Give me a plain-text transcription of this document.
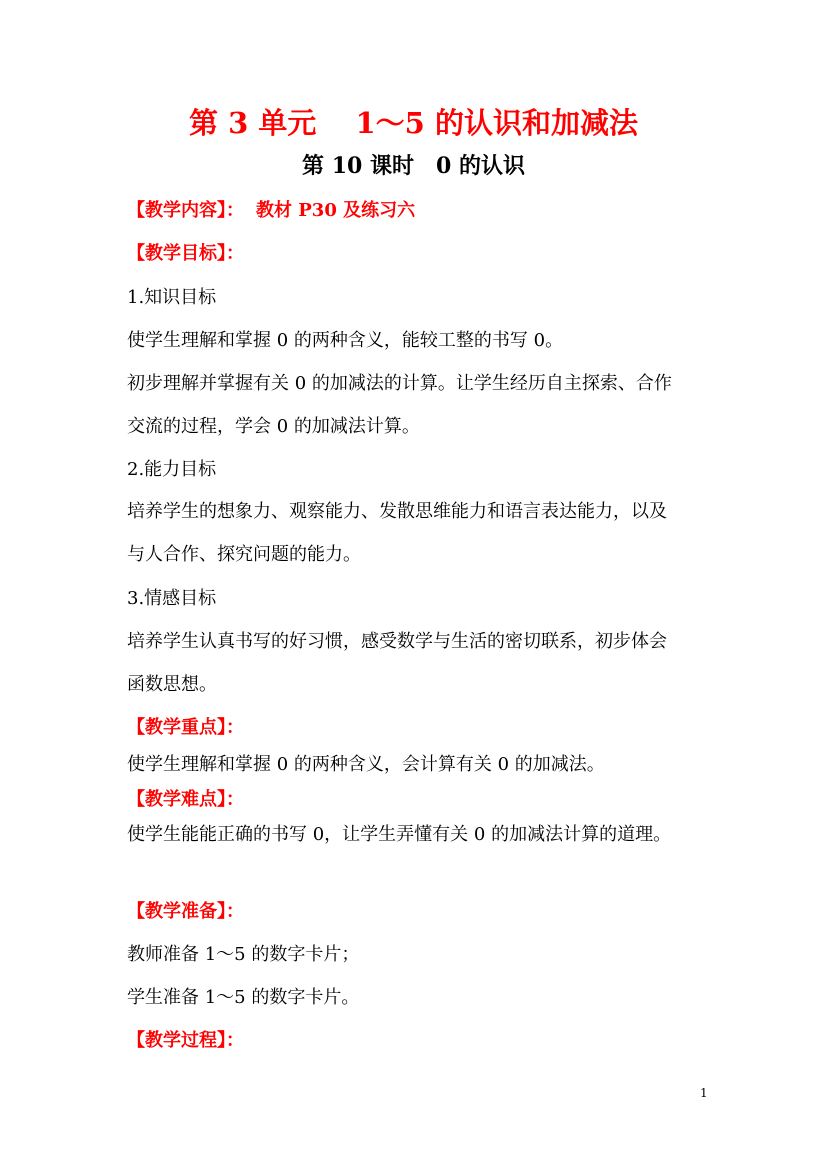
第 3 单元　 1～5 的认识和加减法
第 10 课时　0 的认识
【教学内容】： 教材 P30 及练习六
【教学目标】：
1.知识目标
使学生理解和掌握 0 的两种含义，能较工整的书写 0。
初步理解并掌握有关 0 的加减法的计算。让学生经历自主探索、合作
交流的过程，学会 0 的加减法计算。
2.能力目标
培养学生的想象力、观察能力、发散思维能力和语言表达能力，以及
与人合作、探究问题的能力。
3.情感目标
培养学生认真书写的好习惯，感受数学与生活的密切联系，初步体会
函数思想。
【教学重点】：
使学生理解和掌握 0 的两种含义，会计算有关 0 的加减法。
【教学难点】：
使学生能能正确的书写 0，让学生弄懂有关 0 的加减法计算的道理。
【教学准备】：
教师准备 1～5 的数字卡片；
学生准备 1～5 的数字卡片。
【教学过程】：
1
